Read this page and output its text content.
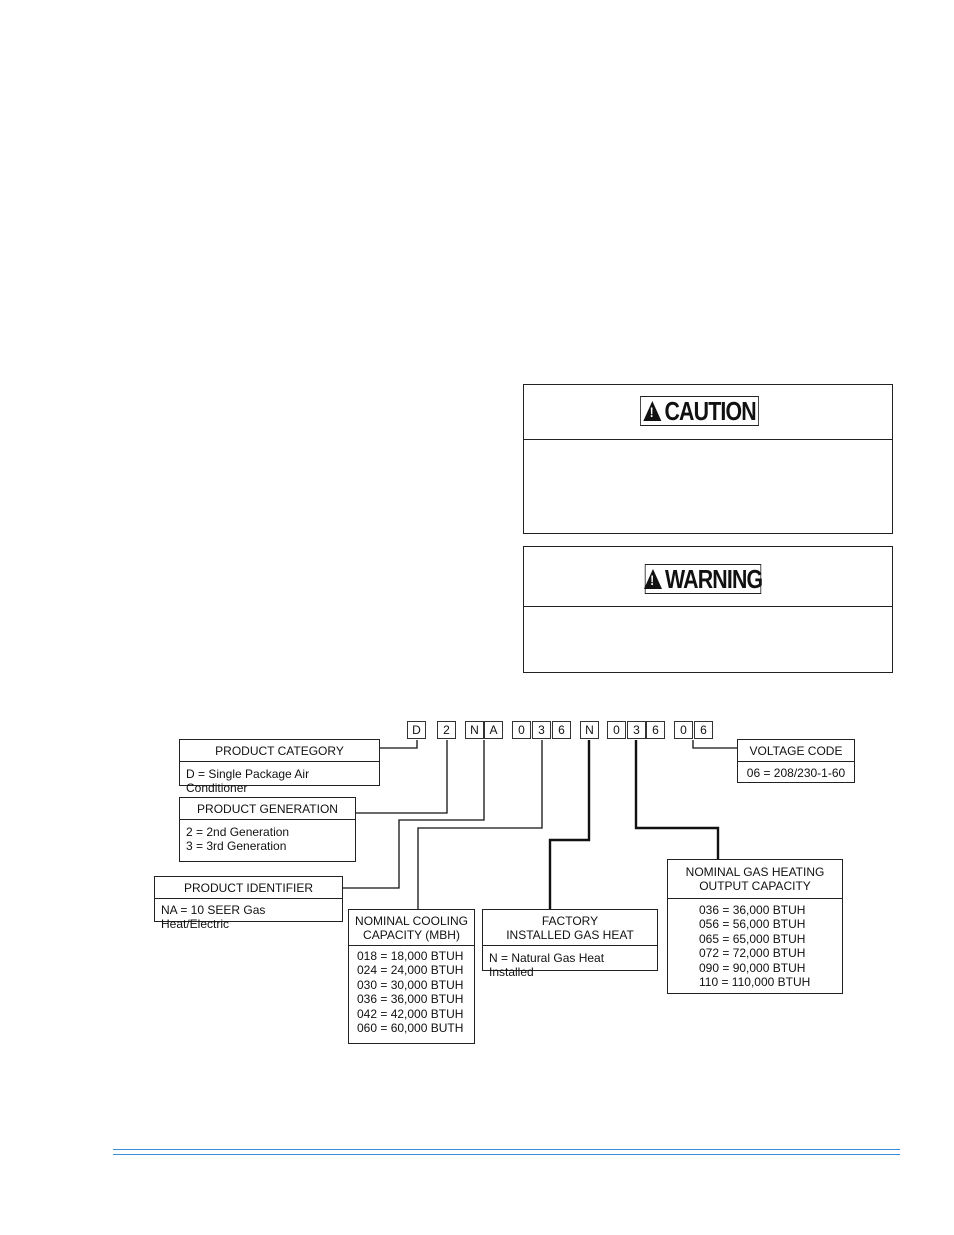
! CAUTION
! WARNING
D	2	N A	0	3	6	N	0	3	6	0	6
PRODUCT CATEGORY
D = Single Package Air Conditioner
PRODUCT GENERATION
2 = 2nd Generation
3 = 3rd Generation
PRODUCT IDENTIFIER
NA = 10 SEER Gas Heat/Electric	NOMINAL COOLING
CAPACITY (MBH)
018 = 18,000 BTUH
024 = 24,000 BTUH
030 = 30,000 BTUH
036 = 36,000 BTUH
042 = 42,000 BTUH
060 = 60,000 BUTH
FACTORY
INSTALLED GAS HEAT
N = Natural Gas Heat Installed
NOMINAL GAS HEATING
OUTPUT CAPACITY
036 = 36,000 BTUH
056 = 56,000 BTUH
065 = 65,000 BTUH
072 = 72,000 BTUH
090 = 90,000 BTUH
110 = 110,000 BTUH
VOLTAGE CODE
06 = 208/230-1-60
